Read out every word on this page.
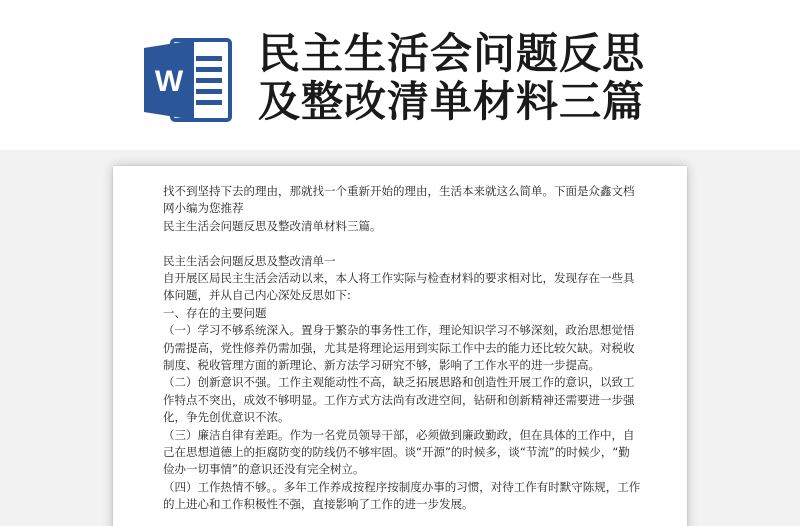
W
民主生活会问题反思
及整改清单材料三篇

找不到坚持下去的理由，那就找一个重新开始的理由，生活本来就这么简单。下面是众鑫文档网小编为您推荐

民主生活会问题反思及整改清单材料三篇。

民主生活会问题反思及整改清单一

自开展区局民主生活会活动以来，本人将工作实际与检查材料的要求相对比，发现存在一些具体问题，并从自己内心深处反思如下:

一、存在的主要问题

（一）学习不够系统深入。置身于繁杂的事务性工作，理论知识学习不够深刻，政治思想觉悟仍需提高，党性修养仍需加强，尤其是将理论运用到实际工作中去的能力还比较欠缺。对税收制度、税收管理方面的新理论、新方法学习研究不够，影响了工作水平的进一步提高。

（二）创新意识不强。工作主观能动性不高，缺乏拓展思路和创造性开展工作的意识，以致工作特点不突出，成效不够明显。工作方式方法尚有改进空间，钻研和创新精神还需要进一步强化，争先创优意识不浓。

（三）廉洁自律有差距。作为一名党员领导干部，必须做到廉政勤政，但在具体的工作中，自己在思想道德上的拒腐防变的防线仍不够牢固。谈“开源”的时候多，谈“节流”的时候少，“勤俭办一切事情”的意识还没有完全树立。

（四）工作热情不够。。多年工作养成按程序按制度办事的习惯，对待工作有时默守陈规，工作的上进心和工作积极性不强，直接影响了工作的进一步发展。
